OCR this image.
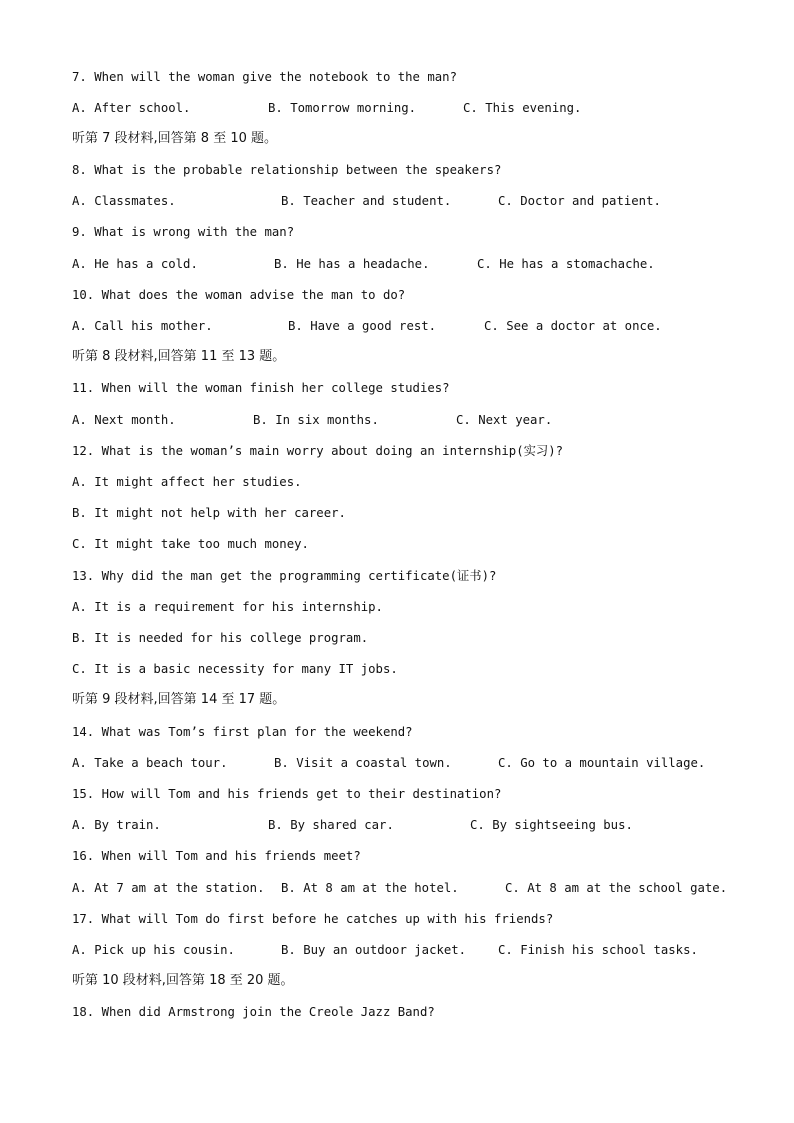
7. When will the woman give the notebook to the man?

A. After school.

	B. Tomorrow morning.

	C. This evening.

听第 7 段材料,回答第 8 至 10 题。
8. What is the probable relationship between the speakers?

A. Classmates.

	B. Teacher and student.

	C. Doctor and patient.

9. What is wrong with the man?

A. He has a cold.

	B. He has a headache.

	C. He has a stomachache.

10. What does the woman advise the man to do?

A. Call his mother.

	B. Have a good rest.

	C. See a doctor at once.

听第 8 段材料,回答第 11 至 13 题。
11. When will the woman finish her college studies?

A. Next month.

	B. In six months.

	C. Next year.

12. What is the woman’s main worry about doing an internship(实习)?
A. It might affect her studies.
B. It might not help with her career.
C. It might take too much money.
13. Why did the man get the programming certificate(证书)?
A. It is a requirement for his internship.
B. It is needed for his college program.
C. It is a basic necessity for many IT jobs.
听第 9 段材料,回答第 14 至 17 题。
14. What was Tom’s first plan for the weekend?

A. Take a beach tour.

	B. Visit a coastal town.

	C. Go to a mountain village.

15. How will Tom and his friends get to their destination?

A. By train.

	B. By shared car.

	C. By sightseeing bus.

16. When will Tom and his friends meet?

A. At 7 am at the station.

B. At 8 am at the hotel.

	C. At 8 am at the school gate.

17. What will Tom do first before he catches up with his friends?

A. Pick up his cousin.

	B. Buy an outdoor jacket.

	C. Finish his school tasks.

听第 10 段材料,回答第 18 至 20 题。
18. When did Armstrong join the Creole Jazz Band?
